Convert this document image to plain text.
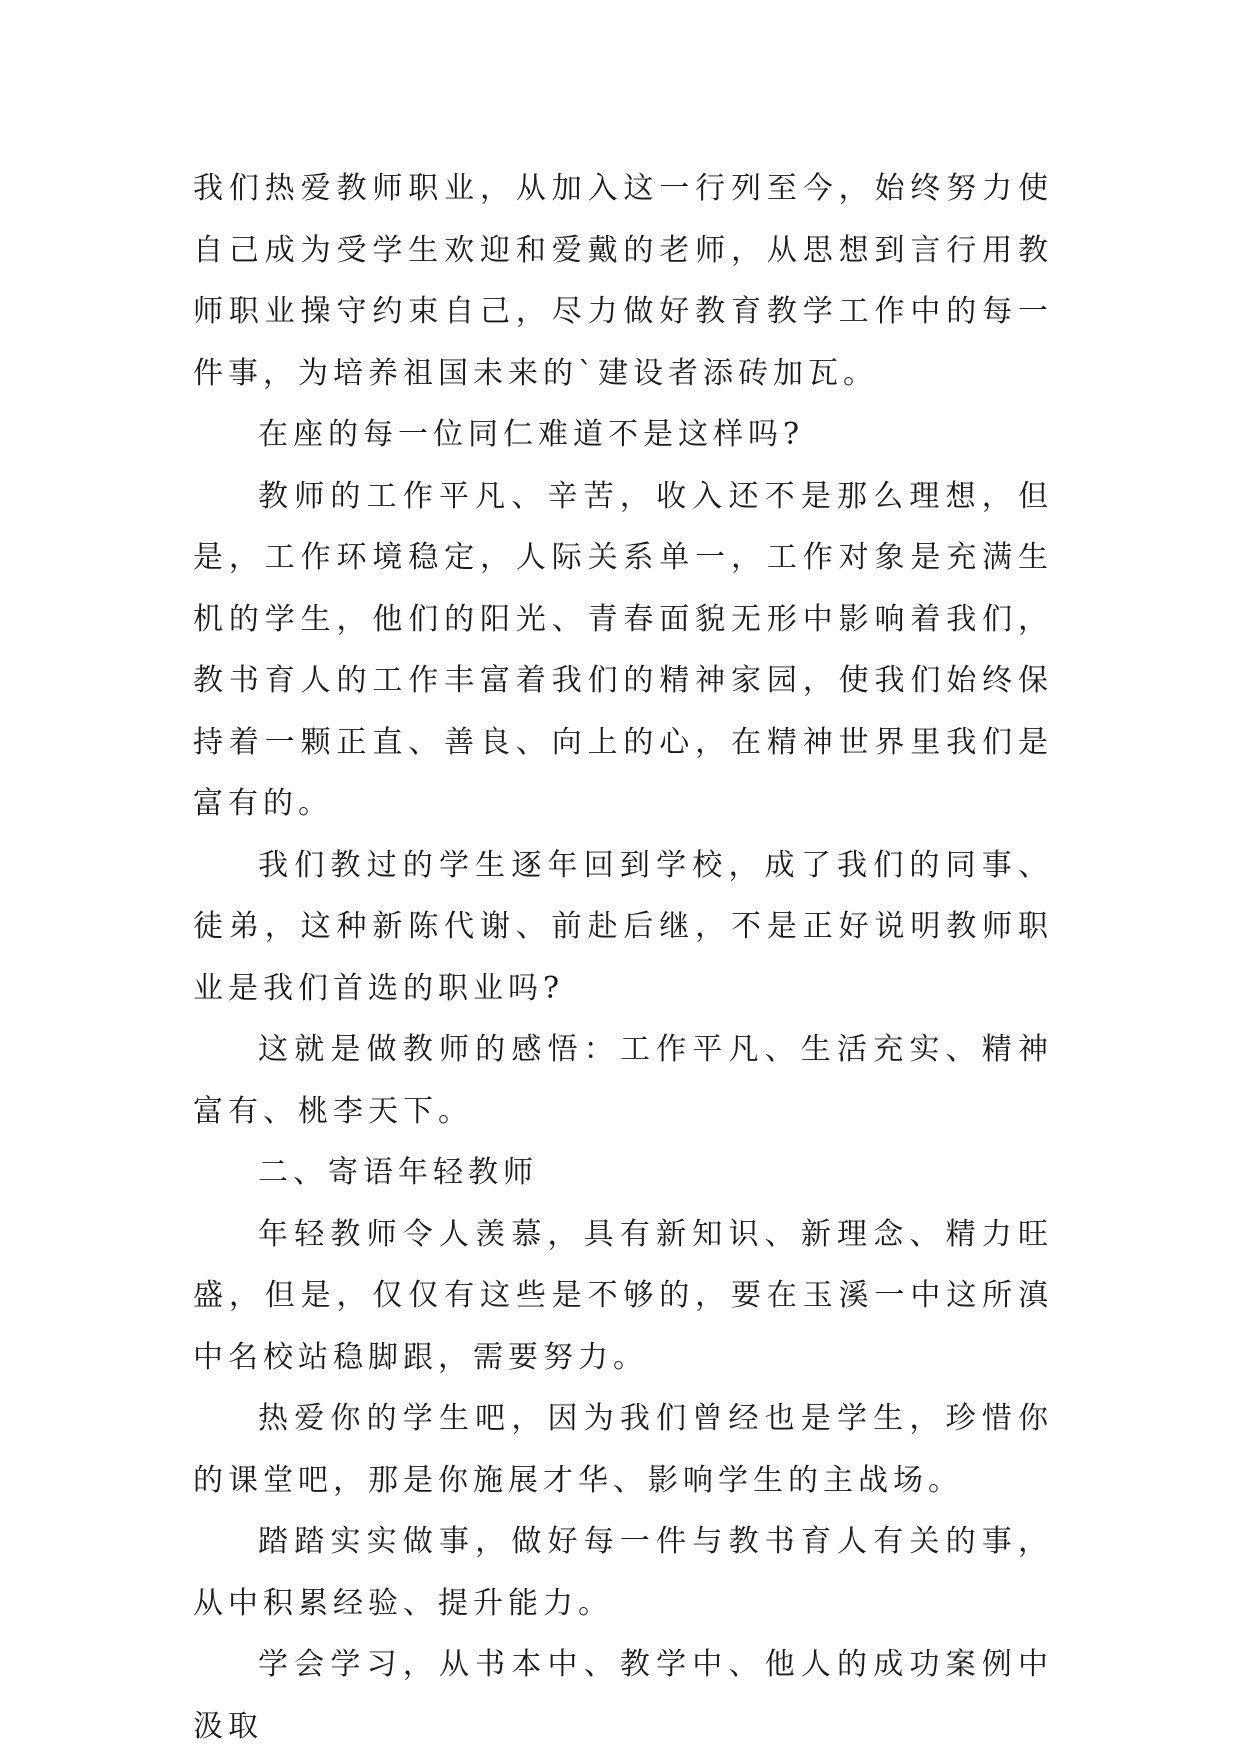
我们热爱教师职业，从加入这一行列至今，始终努力使自己成为受学生欢迎和爱戴的老师，从思想到言行用教师职业操守约束自己，尽力做好教育教学工作中的每一件事，为培养祖国未来的`建设者添砖加瓦。

在座的每一位同仁难道不是这样吗?

教师的工作平凡、辛苦，收入还不是那么理想，但是，工作环境稳定，人际关系单一，工作对象是充满生机的学生，他们的阳光、青春面貌无形中影响着我们，教书育人的工作丰富着我们的精神家园，使我们始终保持着一颗正直、善良、向上的心，在精神世界里我们是富有的。

我们教过的学生逐年回到学校，成了我们的同事、徒弟，这种新陈代谢、前赴后继，不是正好说明教师职业是我们首选的职业吗?

这就是做教师的感悟：工作平凡、生活充实、精神富有、桃李天下。

二、寄语年轻教师

年轻教师令人羡慕，具有新知识、新理念、精力旺盛，但是，仅仅有这些是不够的，要在玉溪一中这所滇中名校站稳脚跟，需要努力。

热爱你的学生吧，因为我们曾经也是学生，珍惜你的课堂吧，那是你施展才华、影响学生的主战场。

踏踏实实做事，做好每一件与教书育人有关的事，从中积累经验、提升能力。

学会学习，从书本中、教学中、他人的成功案例中汲取
